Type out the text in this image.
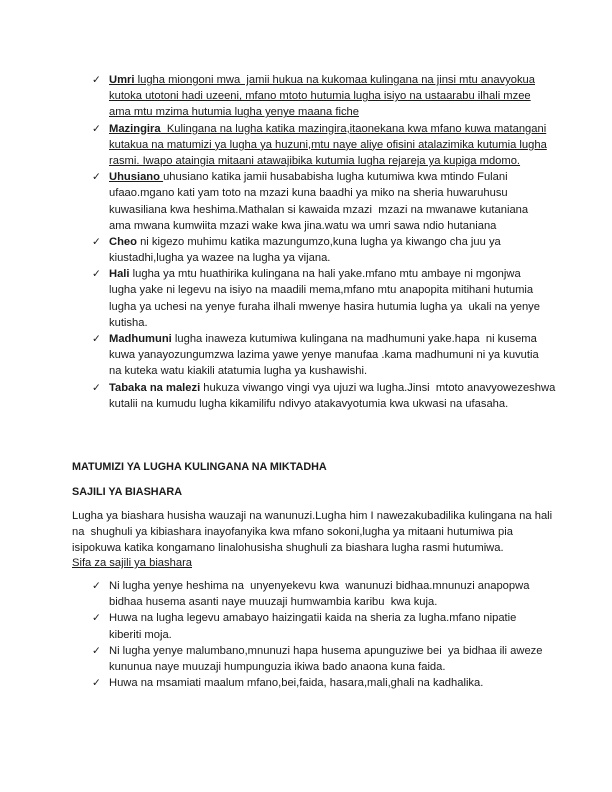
✓ Umri lugha miongoni mwa  jamii hukua na kukomaa kulingana na jinsi mtu anavyokua
kutoka utotoni hadi uzeeni, mfano mtoto hutumia lugha isiyo na ustaarabu ilhali mzee
ama mtu mzima hutumia lugha yenye maana fiche
✓ Mazingira  Kulingana na lugha katika mazingira,itaonekana kwa mfano kuwa matangani
kutakua na matumizi ya lugha ya huzuni,mtu naye aliye ofisini atalazimika kutumia lugha
rasmi. Iwapo ataingia mitaani atawajibika kutumia lugha rejareja ya kupiga mdomo.
✓ Uhusiano uhusiano katika jamii husababisha lugha kutumiwa kwa mtindo Fulani
ufaao.mgano kati yam toto na mzazi kuna baadhi ya miko na sheria huwaruhusu
kuwasiliana kwa heshima.Mathalan si kawaida mzazi  mzazi na mwanawe kutaniana
ama mwana kumwiita mzazi wake kwa jina.watu wa umri sawa ndio hutaniana
✓ Cheo ni kigezo muhimu katika mazungumzo,kuna lugha ya kiwango cha juu ya
kiustadhi,lugha ya wazee na lugha ya vijana.
✓ Hali lugha ya mtu huathirika kulingana na hali yake.mfano mtu ambaye ni mgonjwa
lugha yake ni legevu na isiyo na maadili mema,mfano mtu anapopita mitihani hutumia
lugha ya uchesi na yenye furaha ilhali mwenye hasira hutumia lugha ya  ukali na yenye
kutisha.
✓ Madhumuni lugha inaweza kutumiwa kulingana na madhumuni yake.hapa  ni kusema
kuwa yanayozungumzwa lazima yawe yenye manufaa .kama madhumuni ni ya kuvutia
na kuteka watu kiakili atatumia lugha ya kushawishi.
✓ Tabaka na malezi hukuza viwango vingi vya ujuzi wa lugha.Jinsi  mtoto anavyowezeshwa
kutalii na kumudu lugha kikamilifu ndivyo atakavyotumia kwa ukwasi na ufasaha.
MATUMIZI YA LUGHA KULINGANA NA MIKTADHA
SAJILI YA BIASHARA
Lugha ya biashara husisha wauzaji na wanunuzi.Lugha him I nawezakubadilika kulingana na hali
na  shughuli ya kibiashara inayofanyika kwa mfano sokoni,lugha ya mitaani hutumiwa pia
isipokuwa katika kongamano linalohusisha shughuli za biashara lugha rasmi hutumiwa.
Sifa za sajili ya biashara
✓ Ni lugha yenye heshima na  unyenyekevu kwa  wanunuzi bidhaa.mnunuzi anapopwa
bidhaa husema asanti naye muuzaji humwambia karibu  kwa kuja.
✓ Huwa na lugha legevu amabayo haizingatii kaida na sheria za lugha.mfano nipatie
kiberiti moja.
✓ Ni lugha yenye malumbano,mnunuzi hapa husema apunguziwe bei  ya bidhaa ili aweze
kununua naye muuzaji humpunguzia ikiwa bado anaona kuna faida.
✓ Huwa na msamiati maalum mfano,bei,faida, hasara,mali,ghali na kadhalika.
